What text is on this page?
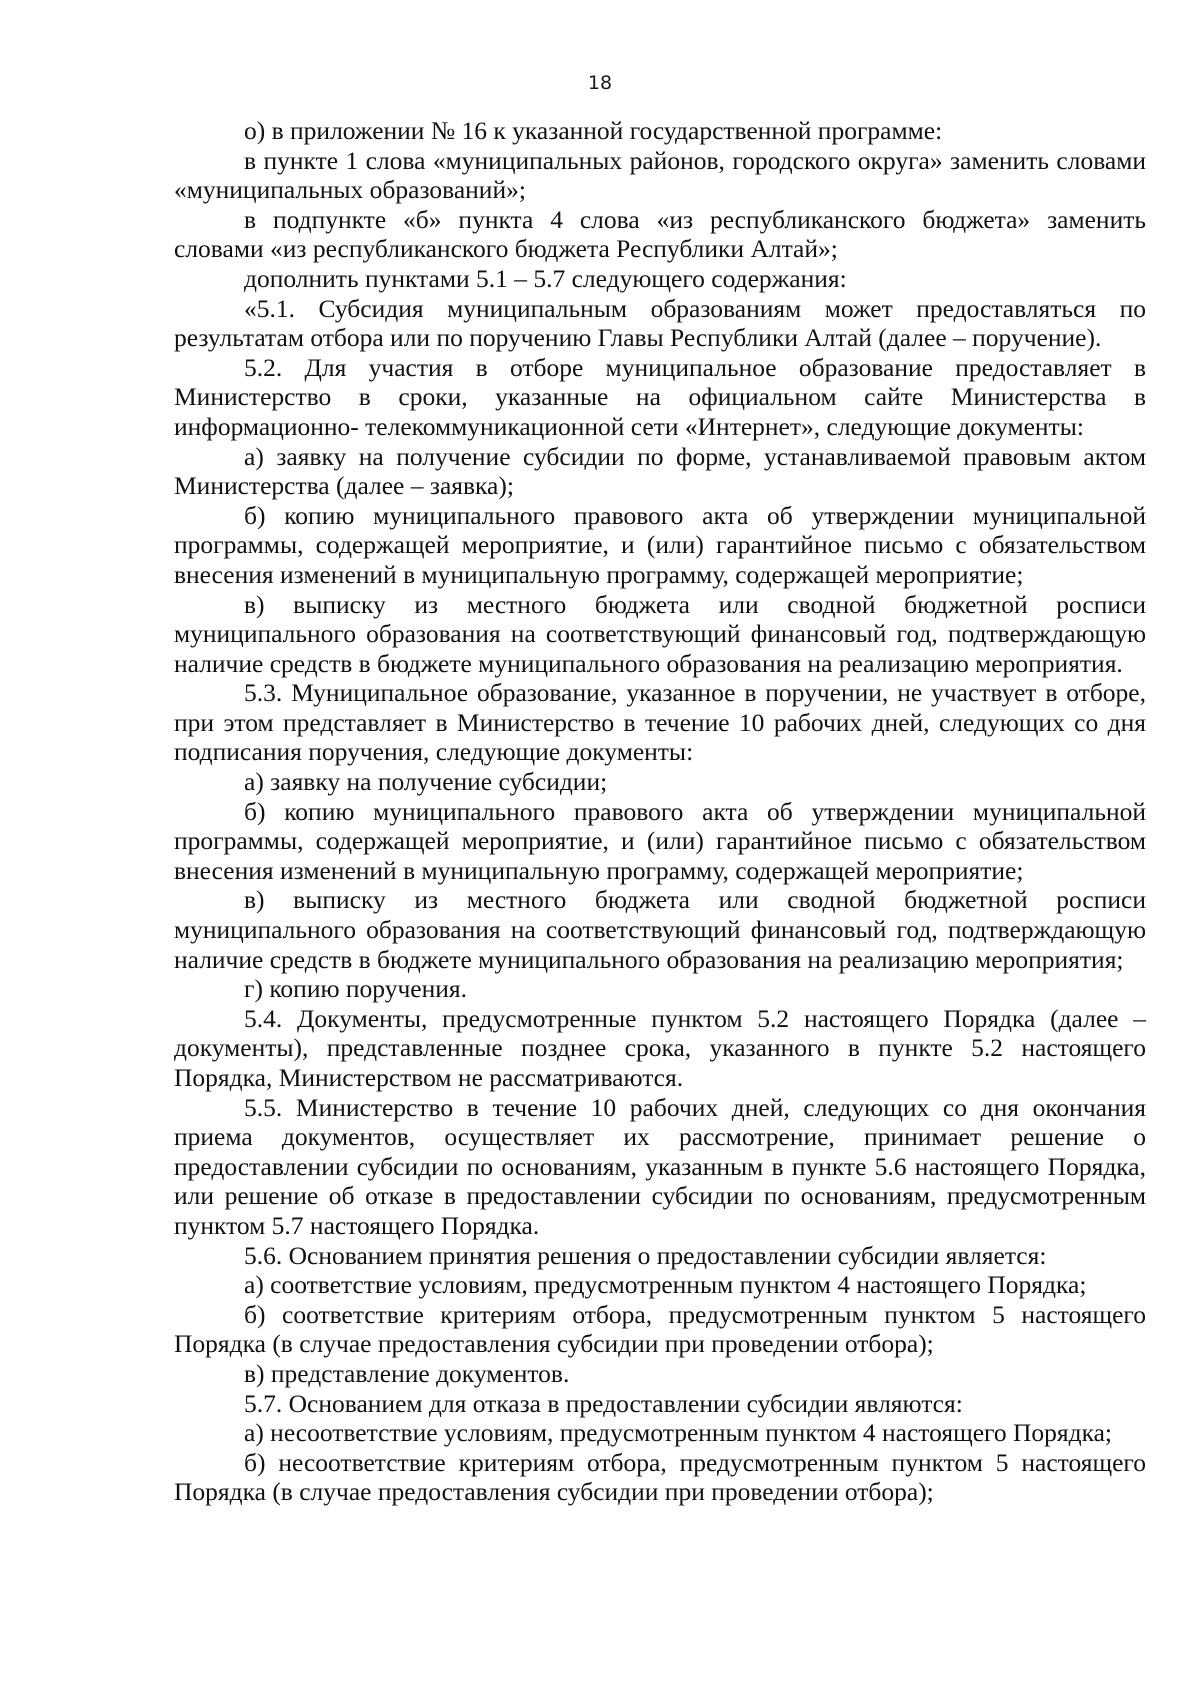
18

о) в приложении № 16 к указанной государственной программе:

в пункте 1 слова «муниципальных районов, городского округа» заменить словами «муниципальных образований»;

в подпункте «б» пункта 4 слова «из республиканского бюджета» заменить словами «из республиканского бюджета Республики Алтай»;

дополнить пунктами 5.1 – 5.7 следующего содержания:

«5.1. Субсидия муниципальным образованиям может предоставляться по результатам отбора или по поручению Главы Республики Алтай (далее – поручение).

5.2. Для участия в отборе муниципальное образование предоставляет в Министерство в сроки, указанные на официальном сайте Министерства в информационно- телекоммуникационной сети «Интернет», следующие документы:

а) заявку на получение субсидии по форме, устанавливаемой правовым актом Министерства (далее – заявка);

б) копию муниципального правового акта об утверждении муниципальной программы, содержащей мероприятие, и (или) гарантийное письмо с обязательством внесения изменений в муниципальную программу, содержащей мероприятие;

в) выписку из местного бюджета или сводной бюджетной росписи муниципального образования на соответствующий финансовый год, подтверждающую наличие средств в бюджете муниципального образования на реализацию мероприятия.

5.3. Муниципальное образование, указанное в поручении, не участвует в отборе, при этом представляет в Министерство в течение 10 рабочих дней, следующих со дня подписания поручения, следующие документы:

а) заявку на получение субсидии;

б) копию муниципального правового акта об утверждении муниципальной программы, содержащей мероприятие, и (или) гарантийное письмо с обязательством внесения изменений в муниципальную программу, содержащей мероприятие;

в) выписку из местного бюджета или сводной бюджетной росписи муниципального образования на соответствующий финансовый год, подтверждающую наличие средств в бюджете муниципального образования на реализацию мероприятия;

г) копию поручения.

5.4. Документы, предусмотренные пунктом 5.2 настоящего Порядка (далее – документы), представленные позднее срока, указанного в пункте 5.2 настоящего Порядка, Министерством не рассматриваются.

5.5. Министерство в течение 10 рабочих дней, следующих со дня окончания приема документов, осуществляет их рассмотрение, принимает решение о предоставлении субсидии по основаниям, указанным в пункте 5.6 настоящего Порядка, или решение об отказе в предоставлении субсидии по основаниям, предусмотренным пунктом 5.7 настоящего Порядка.

5.6. Основанием принятия решения о предоставлении субсидии является:

а) соответствие условиям, предусмотренным пунктом 4 настоящего Порядка;

б) соответствие критериям отбора, предусмотренным пунктом 5 настоящего Порядка (в случае предоставления субсидии при проведении отбора);

в) представление документов.

5.7. Основанием для отказа в предоставлении субсидии являются:

а) несоответствие условиям, предусмотренным пунктом 4 настоящего Порядка;

б) несоответствие критериям отбора, предусмотренным пунктом 5 настоящего Порядка (в случае предоставления субсидии при проведении отбора);
